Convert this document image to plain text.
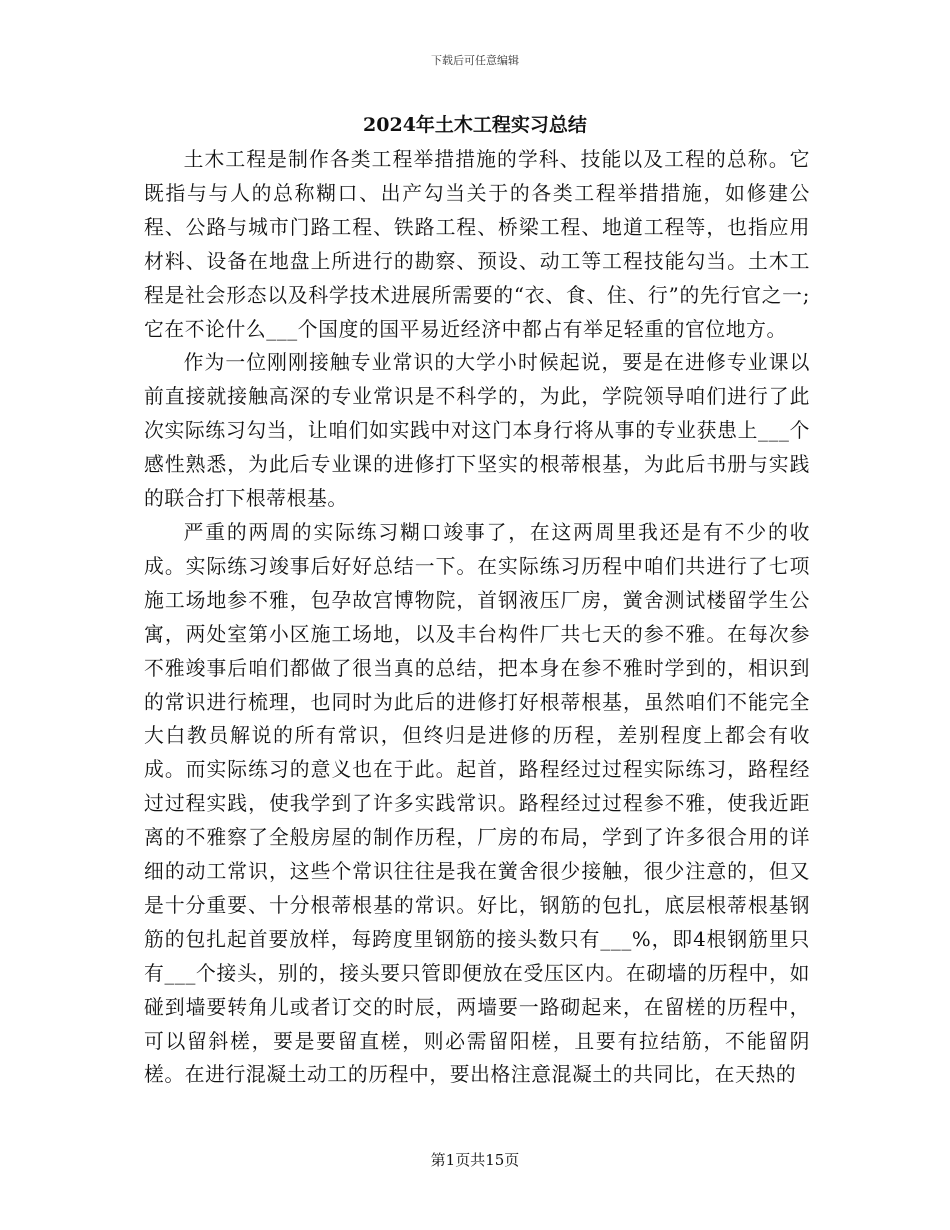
下载后可任意编辑
2024年土木工程实习总结

土木工程是制作各类工程举措措施的学科、技能以及工程的总称。它既指与与人的总称糊口、出产勾当关于的各类工程举措措施，如修建公程、公路与城市门路工程、铁路工程、桥梁工程、地道工程等，也指应用材料、设备在地盘上所进行的勘察、预设、动工等工程技能勾当。土木工程是社会形态以及科学技术进展所需要的“衣、食、住、行”的先行官之一;它在不论什么___个国度的国平易近经济中都占有举足轻重的官位地方。

作为一位刚刚接触专业常识的大学小时候起说，要是在进修专业课以前直接就接触高深的专业常识是不科学的，为此，学院领导咱们进行了此次实际练习勾当，让咱们如实践中对这门本身行将从事的专业获患上___个感性熟悉，为此后专业课的进修打下坚实的根蒂根基，为此后书册与实践的联合打下根蒂根基。

严重的两周的实际练习糊口竣事了，在这两周里我还是有不少的收成。实际练习竣事后好好总结一下。在实际练习历程中咱们共进行了七项施工场地参不雅，包孕故宫博物院，首钢液压厂房，黉舍测试楼留学生公寓，两处室第小区施工场地，以及丰台构件厂共七天的参不雅。在每次参不雅竣事后咱们都做了很当真的总结，把本身在参不雅时学到的，相识到的常识进行梳理，也同时为此后的进修打好根蒂根基，虽然咱们不能完全大白教员解说的所有常识，但终归是进修的历程，差别程度上都会有收成。而实际练习的意义也在于此。起首，路程经过过程实际练习，路程经过过程实践，使我学到了许多实践常识。路程经过过程参不雅，使我近距离的不雅察了全般房屋的制作历程，厂房的布局，学到了许多很合用的详细的动工常识，这些个常识往往是我在黉舍很少接触，很少注意的，但又是十分重要、十分根蒂根基的常识。好比，钢筋的包扎，底层根蒂根基钢筋的包扎起首要放样，每跨度里钢筋的接头数只有___%，即4根钢筋里只有___个接头，别的，接头要只管即便放在受压区内。在砌墙的历程中，如碰到墙要转角儿或者订交的时辰，两墙要一路砌起来，在留槎的历程中，可以留斜槎，要是要留直槎，则必需留阳槎，且要有拉结筋，不能留阴槎。在进行混凝土动工的历程中，要出格注意混凝土的共同比，在天热的

第1页共15页
